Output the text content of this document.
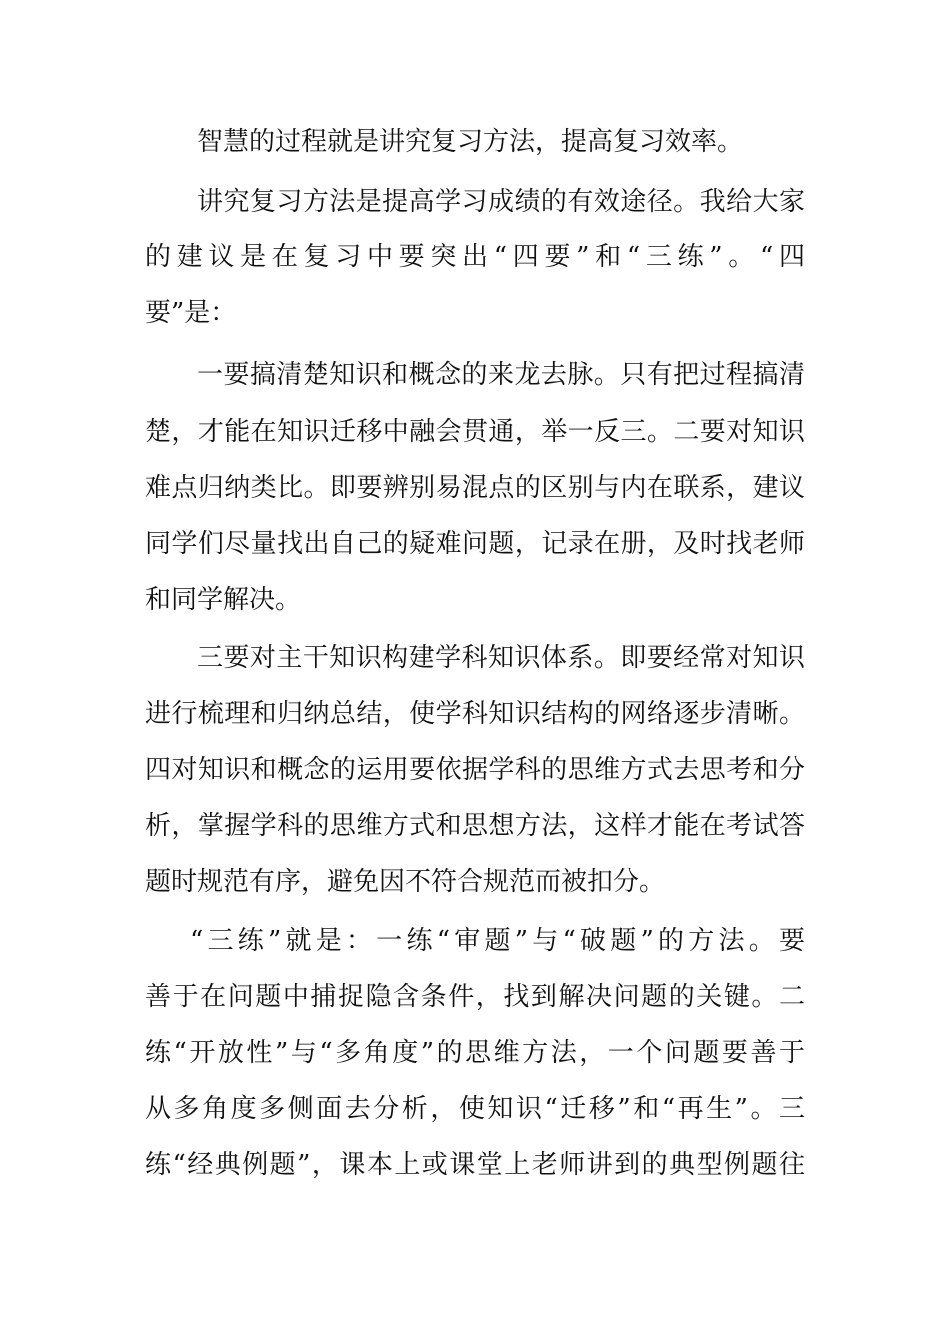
智慧的过程就是讲究复习方法，提高复习效率。
讲究复习方法是提高学习成绩的有效途径。我给大家
的建议是在复习中要突出“四要”和“三练”。“四
要”是：
一要搞清楚知识和概念的来龙去脉。只有把过程搞清
楚，才能在知识迁移中融会贯通，举一反三。二要对知识
难点归纳类比。即要辨别易混点的区别与内在联系，建议
同学们尽量找出自己的疑难问题，记录在册，及时找老师
和同学解决。
三要对主干知识构建学科知识体系。即要经常对知识
进行梳理和归纳总结，使学科知识结构的网络逐步清晰。
四对知识和概念的运用要依据学科的思维方式去思考和分
析，掌握学科的思维方式和思想方法，这样才能在考试答
题时规范有序，避免因不符合规范而被扣分。
“三练”就是：一练“审题”与“破题”的方法。要
善于在问题中捕捉隐含条件，找到解决问题的关键。二
练“开放性”与“多角度”的思维方法，一个问题要善于
从多角度多侧面去分析，使知识“迁移”和“再生”。三
练“经典例题”，课本上或课堂上老师讲到的典型例题往
